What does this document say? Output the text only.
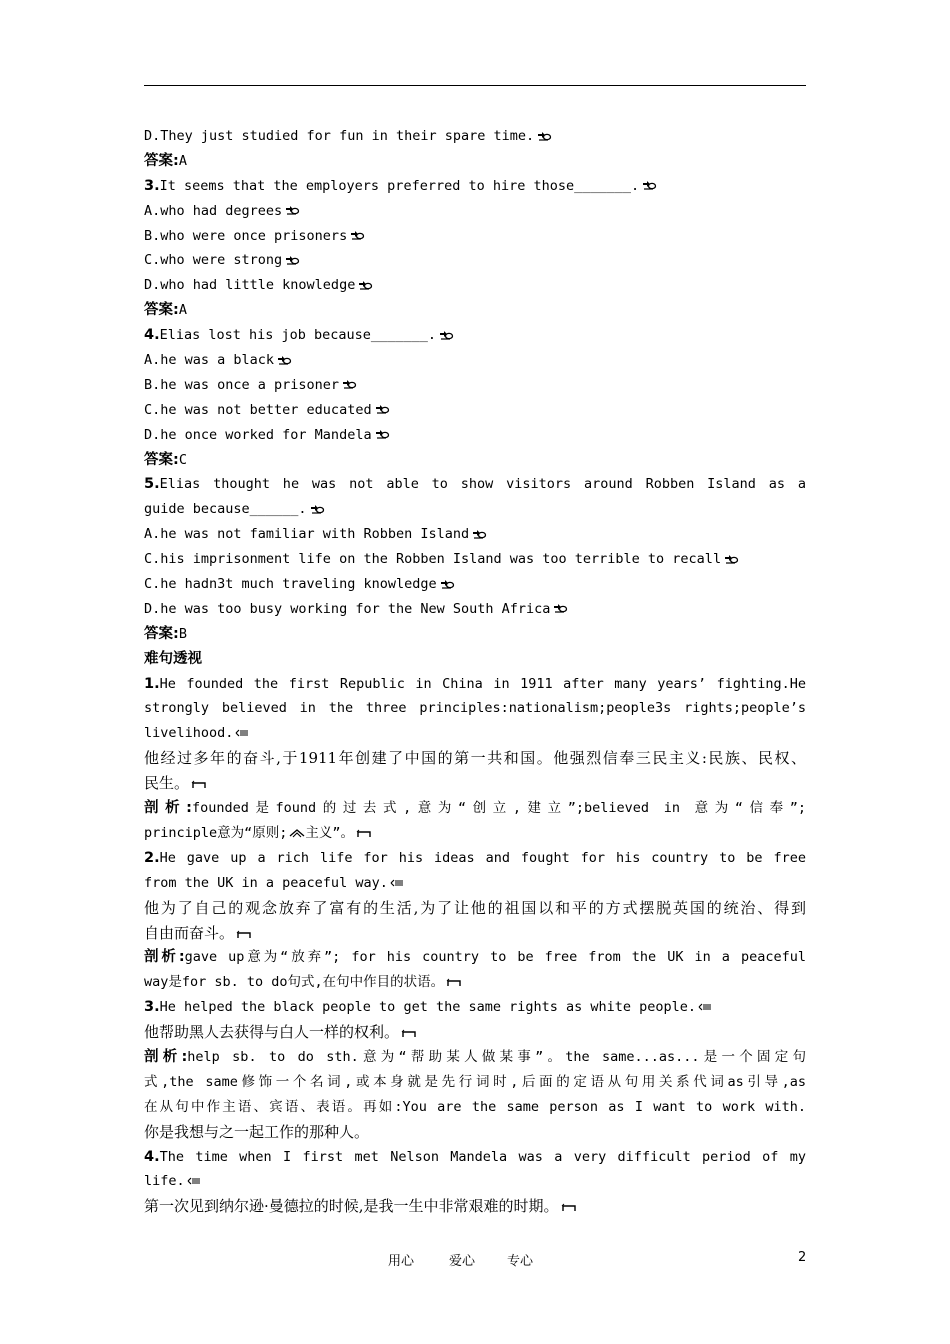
D.They just studied for fun in their spare time.
答案:A
3.It seems that the employers preferred to hire those_______.
A.who had degrees
B.who were once prisoners
C.who were strong
D.who had little knowledge
答案:A
4.Elias lost his job because_______.
A.he was a black
B.he was once a prisoner
C.he was not better educated
D.he once worked for Mandela
答案:C
5.Elias thought he was not able to show visitors around Robben Island as a
guide because______.
A.he was not familiar with Robben Island
C.his imprisonment life on the Robben Island was too terrible to recall
C.he hadn3t much traveling knowledge
D.he was too busy working for the New South Africa
答案:B
难句透视
1.He founded the first Republic in China in 1911 after many years’ fighting.He
strongly believed in the three principles:nationalism;people3s rights;people’s
livelihood.
他经过多年的奋斗,于1911年创建了中国的第一共和国。他强烈信奉三民主义:民族、民权、
民生。
剖析:founded是found的过去式,意为“创立,建立”;believed in 意为“信奉”;
principle意为“原则; 主义”。
2.He gave up a rich life for his ideas and fought for his country to be free
from the UK in a peaceful way.
他为了自己的观念放弃了富有的生活,为了让他的祖国以和平的方式摆脱英国的统治、得到
自由而奋斗。
剖析:gave up意为“放弃”; for his country to be free from the UK in a peaceful
way是for sb. to do句式,在句中作目的状语。
3.He helped the black people to get the same rights as white people.
他帮助黑人去获得与白人一样的权利。
剖析:help sb. to do sth.意为“帮助某人做某事”。the same...as...是一个固定句
式,the same修饰一个名词,或本身就是先行词时,后面的定语从句用关系代词as引导,as
在从句中作主语、宾语、表语。再如:You are the same person as I want to work with.
你是我想与之一起工作的那种人。
4.The time when I first met Nelson Mandela was a very difficult period of my
life.
第一次见到纳尔逊·曼德拉的时候,是我一生中非常艰难的时期。
用心	爱心 专心	2
